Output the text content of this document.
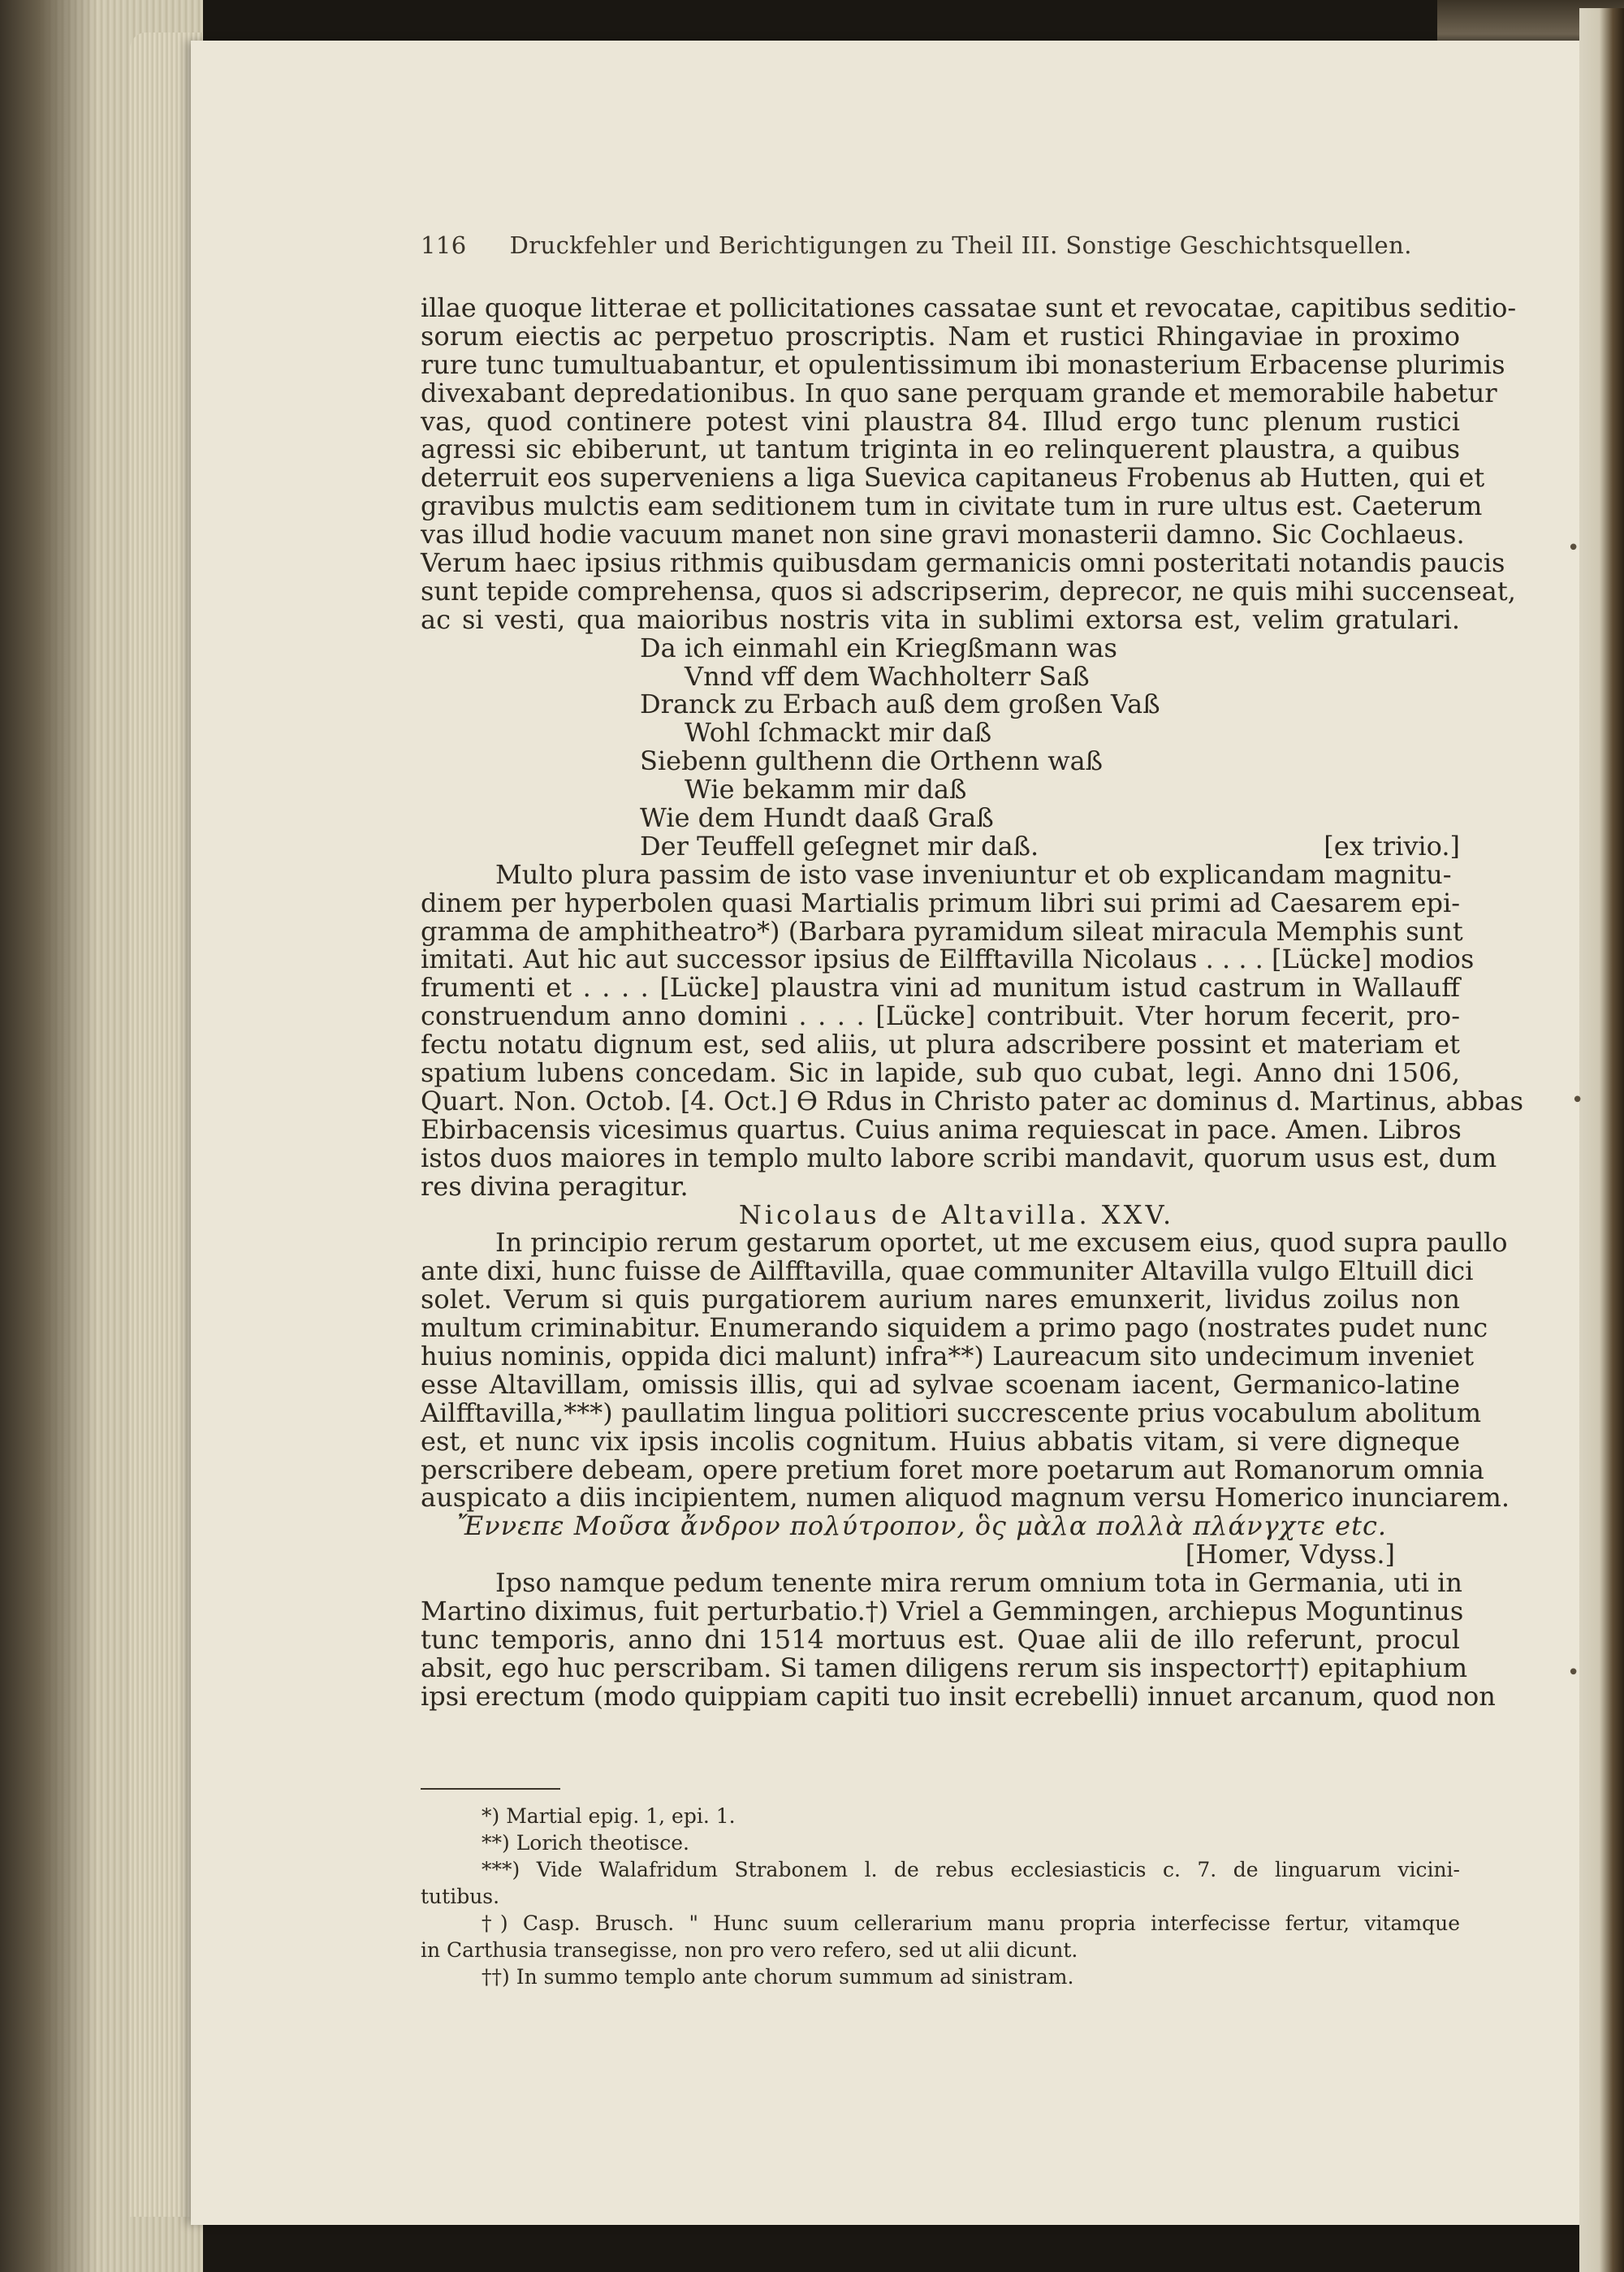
116 Druckfehler und Berichtigungen zu Theil III. Sonstige Geschichtsquellen.
illae quoque litterae et pollicitationes cassatae sunt et revocatae, capitibus seditio-
sorum eiectis ac perpetuo proscriptis. Nam et rustici Rhingaviae in proximo
rure tunc tumultuabantur, et opulentissimum ibi monasterium Erbacense plurimis
divexabant depredationibus. In quo sane perquam grande et memorabile habetur
vas, quod continere potest vini plaustra 84. Illud ergo tunc plenum rustici
agressi sic ebiberunt, ut tantum triginta in eo relinquerent plaustra, a quibus
deterruit eos superveniens a liga Suevica capitaneus Frobenus ab Hutten, qui et
gravibus mulctis eam seditionem tum in civitate tum in rure ultus est. Caeterum
vas illud hodie vacuum manet non sine gravi monasterii damno. Sic Cochlaeus.
Verum haec ipsius rithmis quibusdam germanicis omni posteritati notandis paucis
sunt tepide comprehensa, quos si adscripserim, deprecor, ne quis mihi succenseat,
ac si vesti, qua maioribus nostris vita in sublimi extorsa est, velim gratulari.
Da ich einmahl ein Kriegßmann was
Vnnd vff dem Wachholterr Saß
Dranck zu Erbach auß dem großen Vaß
Wohl ſchmackt mir daß
Siebenn gulthenn die Orthenn waß
Wie bekamm mir daß
Wie dem Hundt daaß Graß
Der Teuffell geſegnet mir daß.	[ex trivio.]
Multo plura passim de isto vase inveniuntur et ob explicandam magnitu-
dinem per hyperbolen quasi Martialis primum libri sui primi ad Caesarem epi-
gramma de amphitheatro*) (Barbara pyramidum sileat miracula Memphis sunt
imitati. Aut hic aut successor ipsius de Eilfftavilla Nicolaus . . . . [Lücke] modios
frumenti et . . . . [Lücke] plaustra vini ad munitum istud castrum in Wallauff
construendum anno domini . . . . [Lücke] contribuit. Vter horum fecerit, pro-
fectu notatu dignum est, sed aliis, ut plura adscribere possint et materiam et
spatium lubens concedam. Sic in lapide, sub quo cubat, legi. Anno dni 1506,
Quart. Non. Octob. [4. Oct.] ϴ Rdus in Christo pater ac dominus d. Martinus, abbas
Ebirbacensis vicesimus quartus. Cuius anima requiescat in pace. Amen. Libros
istos duos maiores in templo multo labore scribi mandavit, quorum usus est, dum
res divina peragitur.
Nicolaus de Altavilla. XXV.
In principio rerum gestarum oportet, ut me excusem eius, quod supra paullo
ante dixi, hunc fuisse de Ailfftavilla, quae communiter Altavilla vulgo Eltuill dici
solet. Verum si quis purgatiorem aurium nares emunxerit, lividus zoilus non
multum criminabitur. Enumerando siquidem a primo pago (nostrates pudet nunc
huius nominis, oppida dici malunt) infra**) Laureacum sito undecimum inveniet
esse Altavillam, omissis illis, qui ad sylvae scoenam iacent, Germanico-latine
Ailfftavilla,***) paullatim lingua politiori succrescente prius vocabulum abolitum
est, et nunc vix ipsis incolis cognitum. Huius abbatis vitam, si vere digneque
perscribere debeam, opere pretium foret more poetarum aut Romanorum omnia
auspicato a diis incipientem, numen aliquod magnum versu Homerico inunciarem.
Ἔννεπε Μοῦσα ἄνδρον πολύτροπον, ὃς μὰλα πολλὰ πλάνγχτε etc.
[Homer, Vdyss.]
Ipso namque pedum tenente mira rerum omnium tota in Germania, uti in
Martino diximus, fuit perturbatio.†) Vriel a Gemmingen, archiepus Moguntinus
tunc temporis, anno dni 1514 mortuus est. Quae alii de illo referunt, procul
absit, ego huc perscribam. Si tamen diligens rerum sis inspector††) epitaphium
ipsi erectum (modo quippiam capiti tuo insit ecrebelli) innuet arcanum, quod non
*) Martial epig. 1, epi. 1.
**) Lorich theotisce.
***) Vide Walafridum Strabonem l. de rebus ecclesiasticis c. 7. de linguarum vicini-
tutibus.
†) Casp. Brusch. " Hunc suum cellerarium manu propria interfecisse fertur, vitamque
in Carthusia transegisse, non pro vero refero, sed ut alii dicunt.
††) In summo templo ante chorum summum ad sinistram.
•
•
•
